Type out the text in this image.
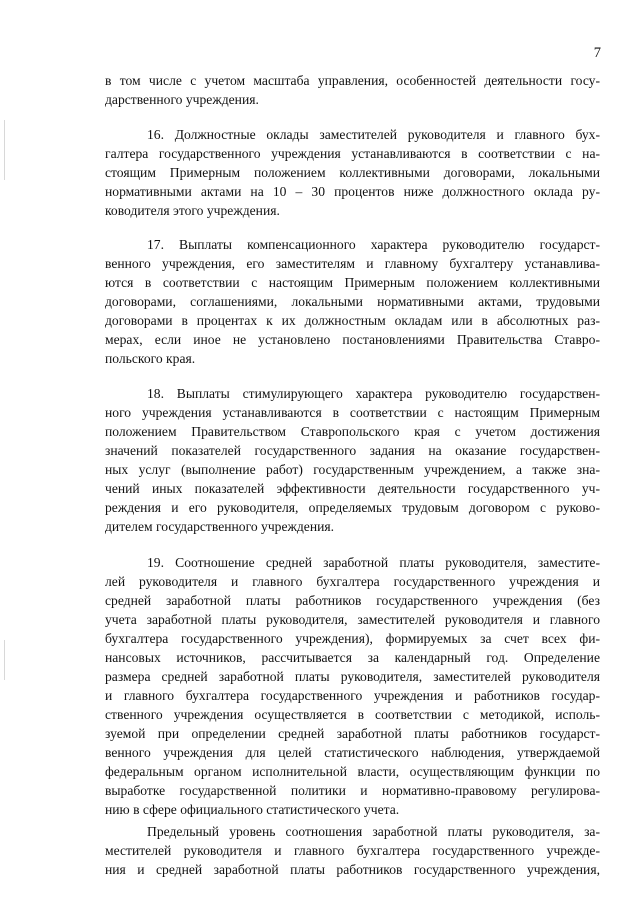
7
в том числе с учетом масштаба управления, особенностей деятельности госу-
дарственного учреждения.
16. Должностные оклады заместителей руководителя и главного бух-
галтера государственного учреждения устанавливаются в соответствии с на-
стоящим Примерным положением коллективными договорами, локальными
нормативными актами на 10 – 30 процентов ниже должностного оклада ру-
ководителя этого учреждения.
17. Выплаты компенсационного характера руководителю государст-
венного учреждения, его заместителям и главному бухгалтеру устанавлива-
ются в соответствии с настоящим Примерным положением коллективными
договорами, соглашениями, локальными нормативными актами, трудовыми
договорами в процентах к их должностным окладам или в абсолютных раз-
мерах, если иное не установлено постановлениями Правительства Ставро-
польского края.
18. Выплаты стимулирующего характера руководителю государствен-
ного учреждения устанавливаются в соответствии с настоящим Примерным
положением Правительством Ставропольского края с учетом достижения
значений показателей государственного задания на оказание государствен-
ных услуг (выполнение работ) государственным учреждением, а также зна-
чений иных показателей эффективности деятельности государственного уч-
реждения и его руководителя, определяемых трудовым договором с руково-
дителем государственного учреждения.
19. Соотношение средней заработной платы руководителя, заместите-
лей руководителя и главного бухгалтера государственного учреждения и
средней заработной платы работников государственного учреждения (без
учета заработной платы руководителя, заместителей руководителя и главного
бухгалтера государственного учреждения), формируемых за счет всех фи-
нансовых источников, рассчитывается за календарный год. Определение
размера средней заработной платы руководителя, заместителей руководителя
и главного бухгалтера государственного учреждения и работников государ-
ственного учреждения осуществляется в соответствии с методикой, исполь-
зуемой при определении средней заработной платы работников государст-
венного учреждения для целей статистического наблюдения, утверждаемой
федеральным органом исполнительной власти, осуществляющим функции по
выработке государственной политики и нормативно-правовому регулирова-
нию в сфере официального статистического учета.
Предельный уровень соотношения заработной платы руководителя, за-
местителей руководителя и главного бухгалтера государственного учрежде-
ния и средней заработной платы работников государственного учреждения,
